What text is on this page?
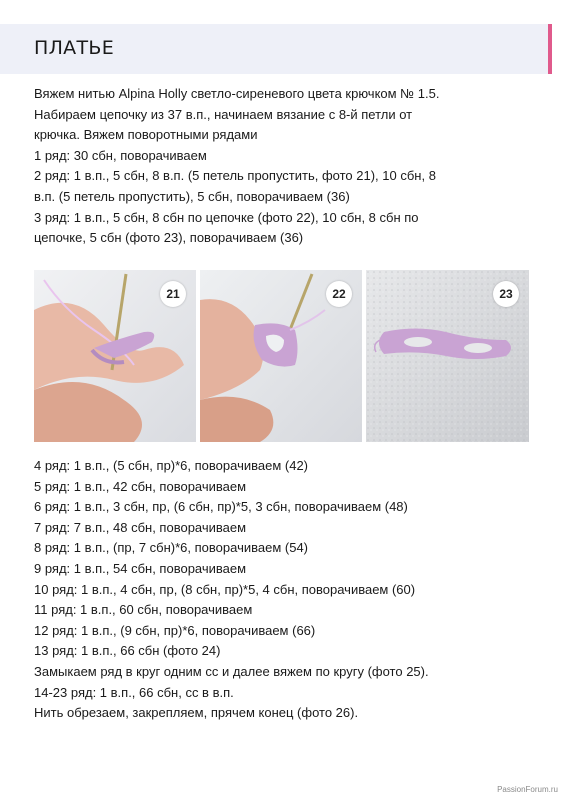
ПЛАТЬЕ

Вяжем нитью Alpina Holly светло-сиреневого цвета крючком № 1.5.

Набираем цепочку из 37 в.п., начинаем вязание с 8-й петли от

крючка. Вяжем поворотными рядами

1 ряд: 30 сбн, поворачиваем

2 ряд: 1 в.п., 5 сбн, 8 в.п. (5 петель пропустить, фото 21), 10 сбн, 8

в.п. (5 петель пропустить), 5 сбн, поворачиваем (36)

3 ряд: 1 в.п., 5 сбн, 8 сбн по цепочке (фото 22), 10 сбн, 8 сбн по

цепочке, 5 сбн (фото 23), поворачиваем (36)

21	22	23

4 ряд: 1 в.п., (5 сбн, пр)*6, поворачиваем (42)

5 ряд: 1 в.п., 42 сбн, поворачиваем

6 ряд: 1 в.п., 3 сбн, пр, (6 сбн, пр)*5, 3 сбн, поворачиваем (48)

7 ряд: 7 в.п., 48 сбн, поворачиваем

8 ряд: 1 в.п., (пр, 7 сбн)*6, поворачиваем (54)

9 ряд: 1 в.п., 54 сбн, поворачиваем

10 ряд: 1 в.п., 4 сбн, пр, (8 сбн, пр)*5, 4 сбн, поворачиваем (60)

11 ряд: 1 в.п., 60 сбн, поворачиваем

12 ряд: 1 в.п., (9 сбн, пр)*6, поворачиваем (66)

13 ряд: 1 в.п., 66 сбн (фото 24)

Замыкаем ряд в круг одним сс и далее вяжем по кругу (фото 25).

14-23 ряд: 1 в.п., 66 сбн, сс в в.п.

Нить обрезаем, закрепляем, прячем конец (фото 26).

PassionForum.ru
